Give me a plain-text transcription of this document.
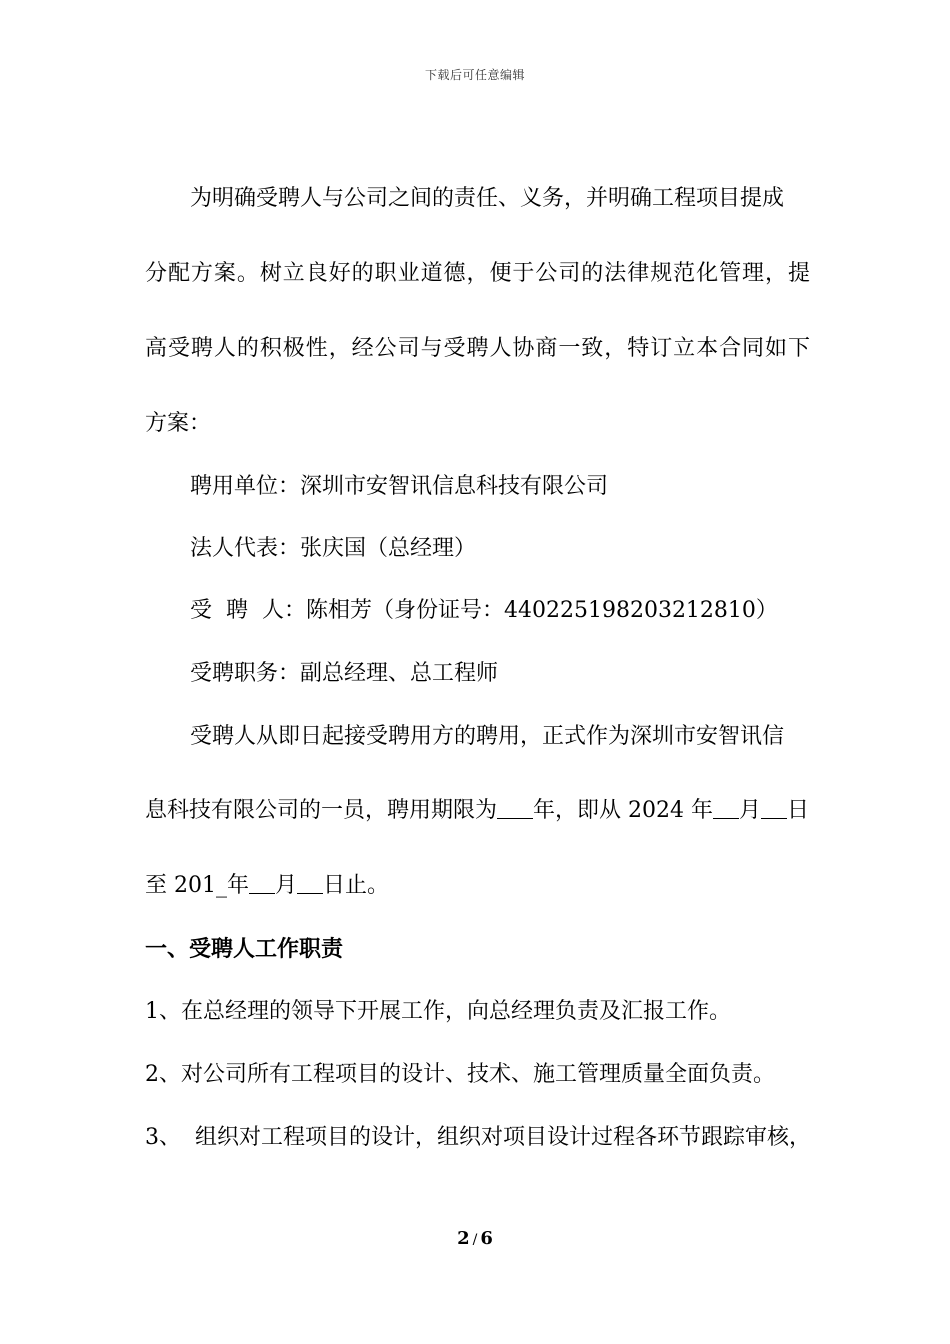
下载后可任意编辑
为明确受聘人与公司之间的责任、义务，并明确工程项目提成
分配方案。树立良好的职业道德，便于公司的法律规范化管理，提
高受聘人的积极性，经公司与受聘人协商一致，特订立本合同如下
方案：
聘用单位：深圳市安智讯信息科技有限公司
法人代表：张庆国（总经理）
受  聘  人：陈相芳（身份证号：440225198203212810）
受聘职务：副总经理、总工程师
受聘人从即日起接受聘用方的聘用，正式作为深圳市安智讯信
息科技有限公司的一员，聘用期限为 年，即从 2024 年 月 日
至 201_年 月 日止。
一、受聘人工作职责
1、在总经理的领导下开展工作，向总经理负责及汇报工作。
2、对公司所有工程项目的设计、技术、施工管理质量全面负责。
3、 组织对工程项目的设计，组织对项目设计过程各环节跟踪审核，
2 / 6
